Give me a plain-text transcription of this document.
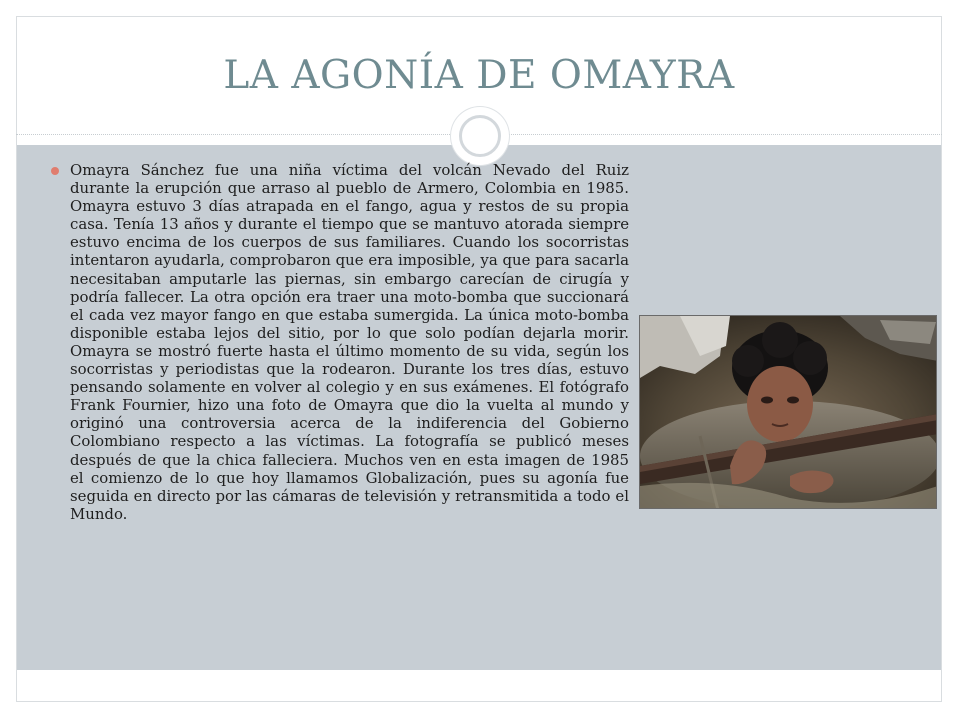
LA AGONÍA DE OMAYRA

Omayra Sánchez fue una niña víctima del volcán Nevado del Ruiz durante la erupción que arraso al pueblo de Armero, Colombia en 1985. Omayra estuvo 3 días atrapada en el fango, agua y restos de su propia casa. Tenía 13 años y durante el tiempo que se mantuvo atorada siempre estuvo encima de los cuerpos de sus familiares. Cuando los socorristas intentaron ayudarla, comprobaron que era imposible, ya que para sacarla necesitaban amputarle las piernas, sin embargo carecían de cirugía y podría fallecer. La otra opción era traer una moto-bomba que succionará el cada vez mayor fango en que estaba sumergida. La única moto-bomba disponible estaba lejos del sitio, por lo que solo podían dejarla morir. Omayra se mostró fuerte hasta el último momento de su vida, según los socorristas y periodistas que la rodearon. Durante los tres días, estuvo pensando solamente en volver al colegio y en sus exámenes. El fotógrafo Frank Fournier, hizo una foto de Omayra que dio la vuelta al mundo y originó una controversia acerca de la indiferencia del Gobierno Colombiano respecto a las víctimas. La fotografía se publicó meses después de que la chica falleciera. Muchos ven en esta imagen de 1985 el comienzo de lo que hoy llamamos Globalización, pues su agonía fue seguida en directo por las cámaras de televisión y retransmitida a todo el Mundo.
